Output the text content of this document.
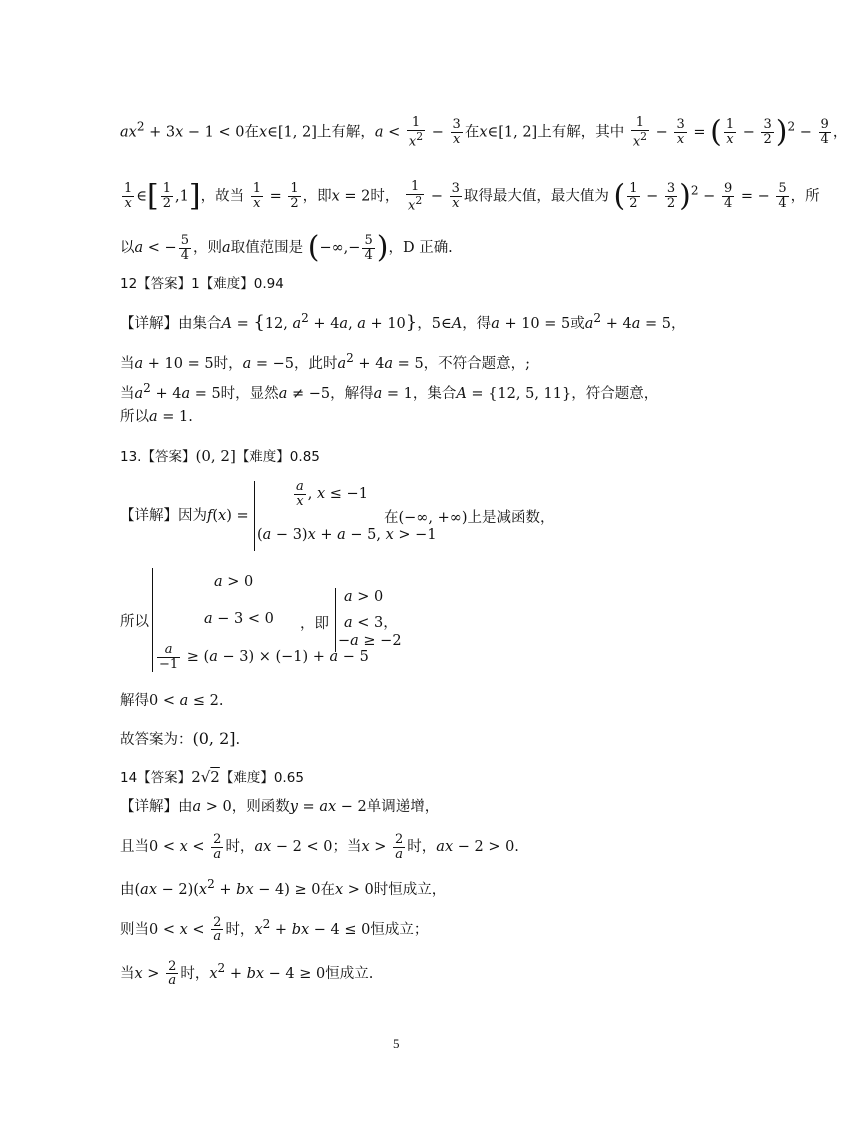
$ax^2 + 3x - 1 < 0$在x∈[1, 2]上有解，$a < \frac{1}{x^2} - \frac{3}{x}$ 在x∈[1, 2]上有解，其中 $\frac{1}{x^2} - \frac{3}{x}$ = ( $\frac{1}{x} - \frac{3}{2} )^2 - \frac{9}{4}$ ，
$\frac{1}{x}$ ∈[ $\frac{1}{2} ,1$]，故当 $\frac{1}{x} = \frac{1}{2}$ ，即x = 2时， $\frac{1}{x^2} - \frac{3}{x}$ 取得最大值，最大值为 ( $\frac{1}{2} - \frac{3}{2} )^2 - \frac{9}{4}$ = − $\frac{5}{4}$ ，所
以a < − $\frac{5}{4}$ ，则a取值范围是 (−∞,− $\frac{5}{4}$ )，D 正确.
12【答案】1【难度】0.94
【详解】由集合A = {12, $a^2 + 4a$, a + 10}，5∈A，得a + 10 = 5或$a^2 + 4a = 5$，
当a + 10 = 5时，a = −5，此时$a^2 + 4a = 5$，不符合题意，;
当$a^2 + 4a = 5$时，显然a ≠ −5，解得a = 1，集合A = {12, 5, 11}，符合题意，
所以a = 1.
13.【答案】(0, 2]【难度】0.85
【详解】因为f(x) =
$\frac{a}{x}$ , x ≤ −1
(a − 3)x + a − 5, x > −1
在(−∞, +∞)上是减函数，
所以
a > 0
a − 3 < 0
$\frac{a}{-1} \ge (a - 3) \times (-1) + a - 5$
，即
a > 0
a < 3，
−a ≥ −2
解得0 < a ≤ 2.
故答案为：(0, 2].
14【答案】2√2【难度】0.65
【详解】由a > 0，则函数y = ax − 2单调递增，
且当$0 < x < \frac{2}{a}$ 时，ax − 2 < 0；当$x > \frac{2}{a}$ 时，ax − 2 > 0.
由$(ax - 2)(x^2$ + bx − 4) ≥ 0在x > 0时恒成立，
则当$0 < x < \frac{2}{a}$ 时，$x^2$ + bx − 4 ≤ 0恒成立；
当$x > \frac{2}{a}$ 时，$x^2$ + bx − 4 ≥ 0恒成立.
5
